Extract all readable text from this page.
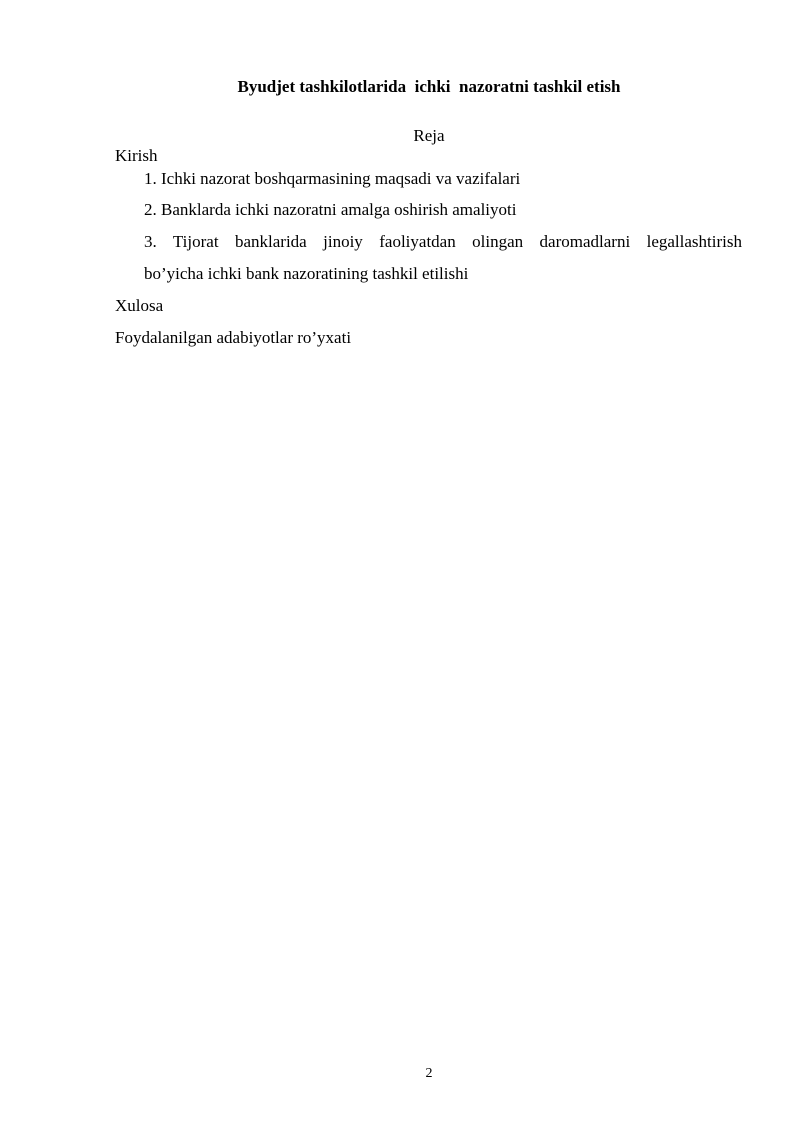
Byudjet tashkilotlarida  ichki  nazoratni tashkil etish
Reja
Kirish
1. Ichki nazorat boshqarmasining maqsadi va vazifalari
2. Banklarda ichki nazoratni amalga oshirish amaliyoti
3. Tijorat banklarida jinoiy faoliyatdan olingan daromadlarni legallashtirish
bo’yicha ichki bank nazoratining tashkil etilishi
Xulosa
Foydalanilgan adabiyotlar ro’yxati
2
